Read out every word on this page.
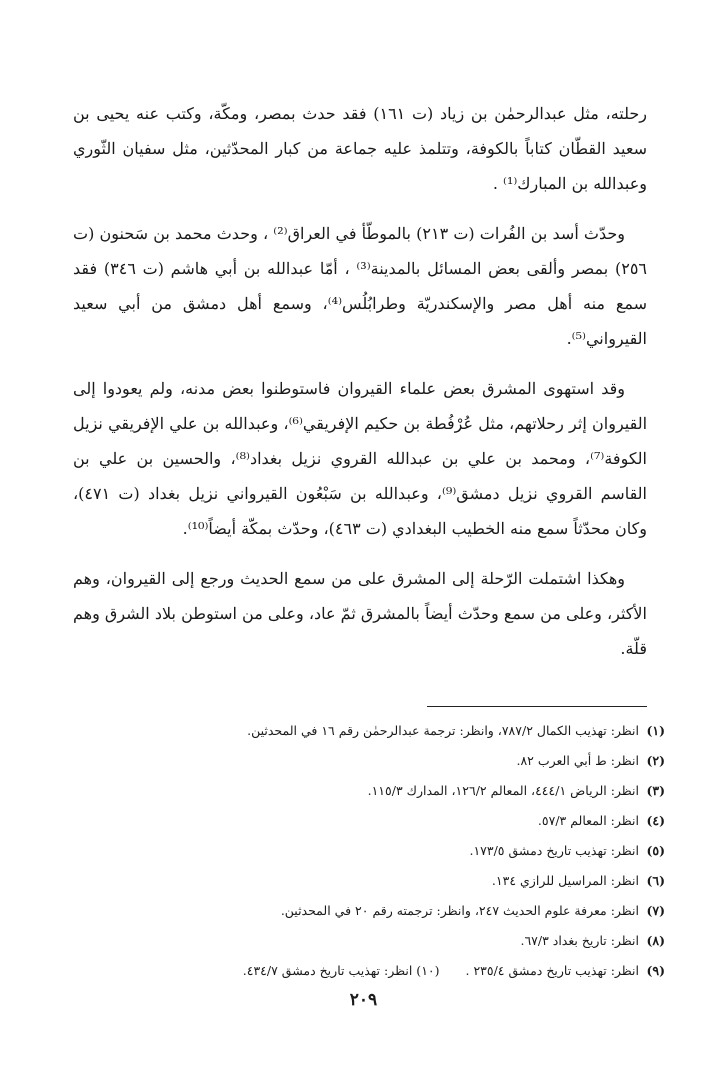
رحلته، مثل عبدالرحمٰن بن زياد (ت ١٦١) فقد حدث بمصر، ومكّة، وكتب عنه يحيى بن سعيد القطّان كتاباً بالكوفة، وتتلمذ عليه جماعة من كبار المحدّثين، مثل سفيان الثّوري وعبدالله بن المبارك⁽¹⁾ .

وحدّث أسد بن الفُرات (ت ٢١٣) بالموطّأ في العراق⁽²⁾ ، وحدث محمد بن سَحنون (ت ٢٥٦) بمصر وألقى بعض المسائل بالمدينة⁽³⁾ ، أمّا عبدالله بن أبي هاشم (ت ٣٤٦) فقد سمع منه أهل مصر والإسكندريّة وطرابُلُس⁽⁴⁾، وسمع أهل دمشق من أبي سعيد القيرواني⁽⁵⁾.

وقد استهوى المشرق بعض علماء القيروان فاستوطنوا بعض مدنه، ولم يعودوا إلى القيروان إثر رحلاتهم، مثل عُرْفُطة بن حكيم الإفريقي⁽⁶⁾، وعبدالله بن علي الإفريقي نزيل الكوفة⁽⁷⁾، ومحمد بن علي بن عبدالله القروي نزيل بغداد⁽⁸⁾، والحسين بن علي بن القاسم القروي نزيل دمشق⁽⁹⁾، وعبدالله بن سَبْعُون القيرواني نزيل بغداد (ت ٤٧١)، وكان محدّثاً سمع منه الخطيب البغدادي (ت ٤٦٣)، وحدّث بمكّة أيضاً⁽¹⁰⁾.

وهكذا اشتملت الرّحلة إلى المشرق على من سمع الحديث ورجع إلى القيروان، وهم الأكثر، وعلى من سمع وحدّث أيضاً بالمشرق ثمّ عاد، وعلى من استوطن بلاد الشرق وهم قلّة.

(١) انظر: تهذيب الكمال ٧٨٧/٢، وانظر: ترجمة عبدالرحمٰن رقم ١٦ في المحدثين.
(٢) انظر: ط أبي العرب ٨٢.
(٣) انظر: الرياض ٤٤٤/١، المعالم ١٢٦/٢، المدارك ١١٥/٣.
(٤) انظر: المعالم ٥٧/٣.
(٥) انظر: تهذيب تاريخ دمشق ١٧٣/٥.
(٦) انظر: المراسيل للرازي ١٣٤.
(٧) انظر: معرفة علوم الحديث ٢٤٧، وانظر: ترجمته رقم ٢٠ في المحدثين.
(٨) انظر: تاريخ بغداد ٦٧/٣.
(٩) انظر: تهذيب تاريخ دمشق ٢٣٥/٤ . (١٠) انظر: تهذيب تاريخ دمشق ٤٣٤/٧.
٢٠٩
